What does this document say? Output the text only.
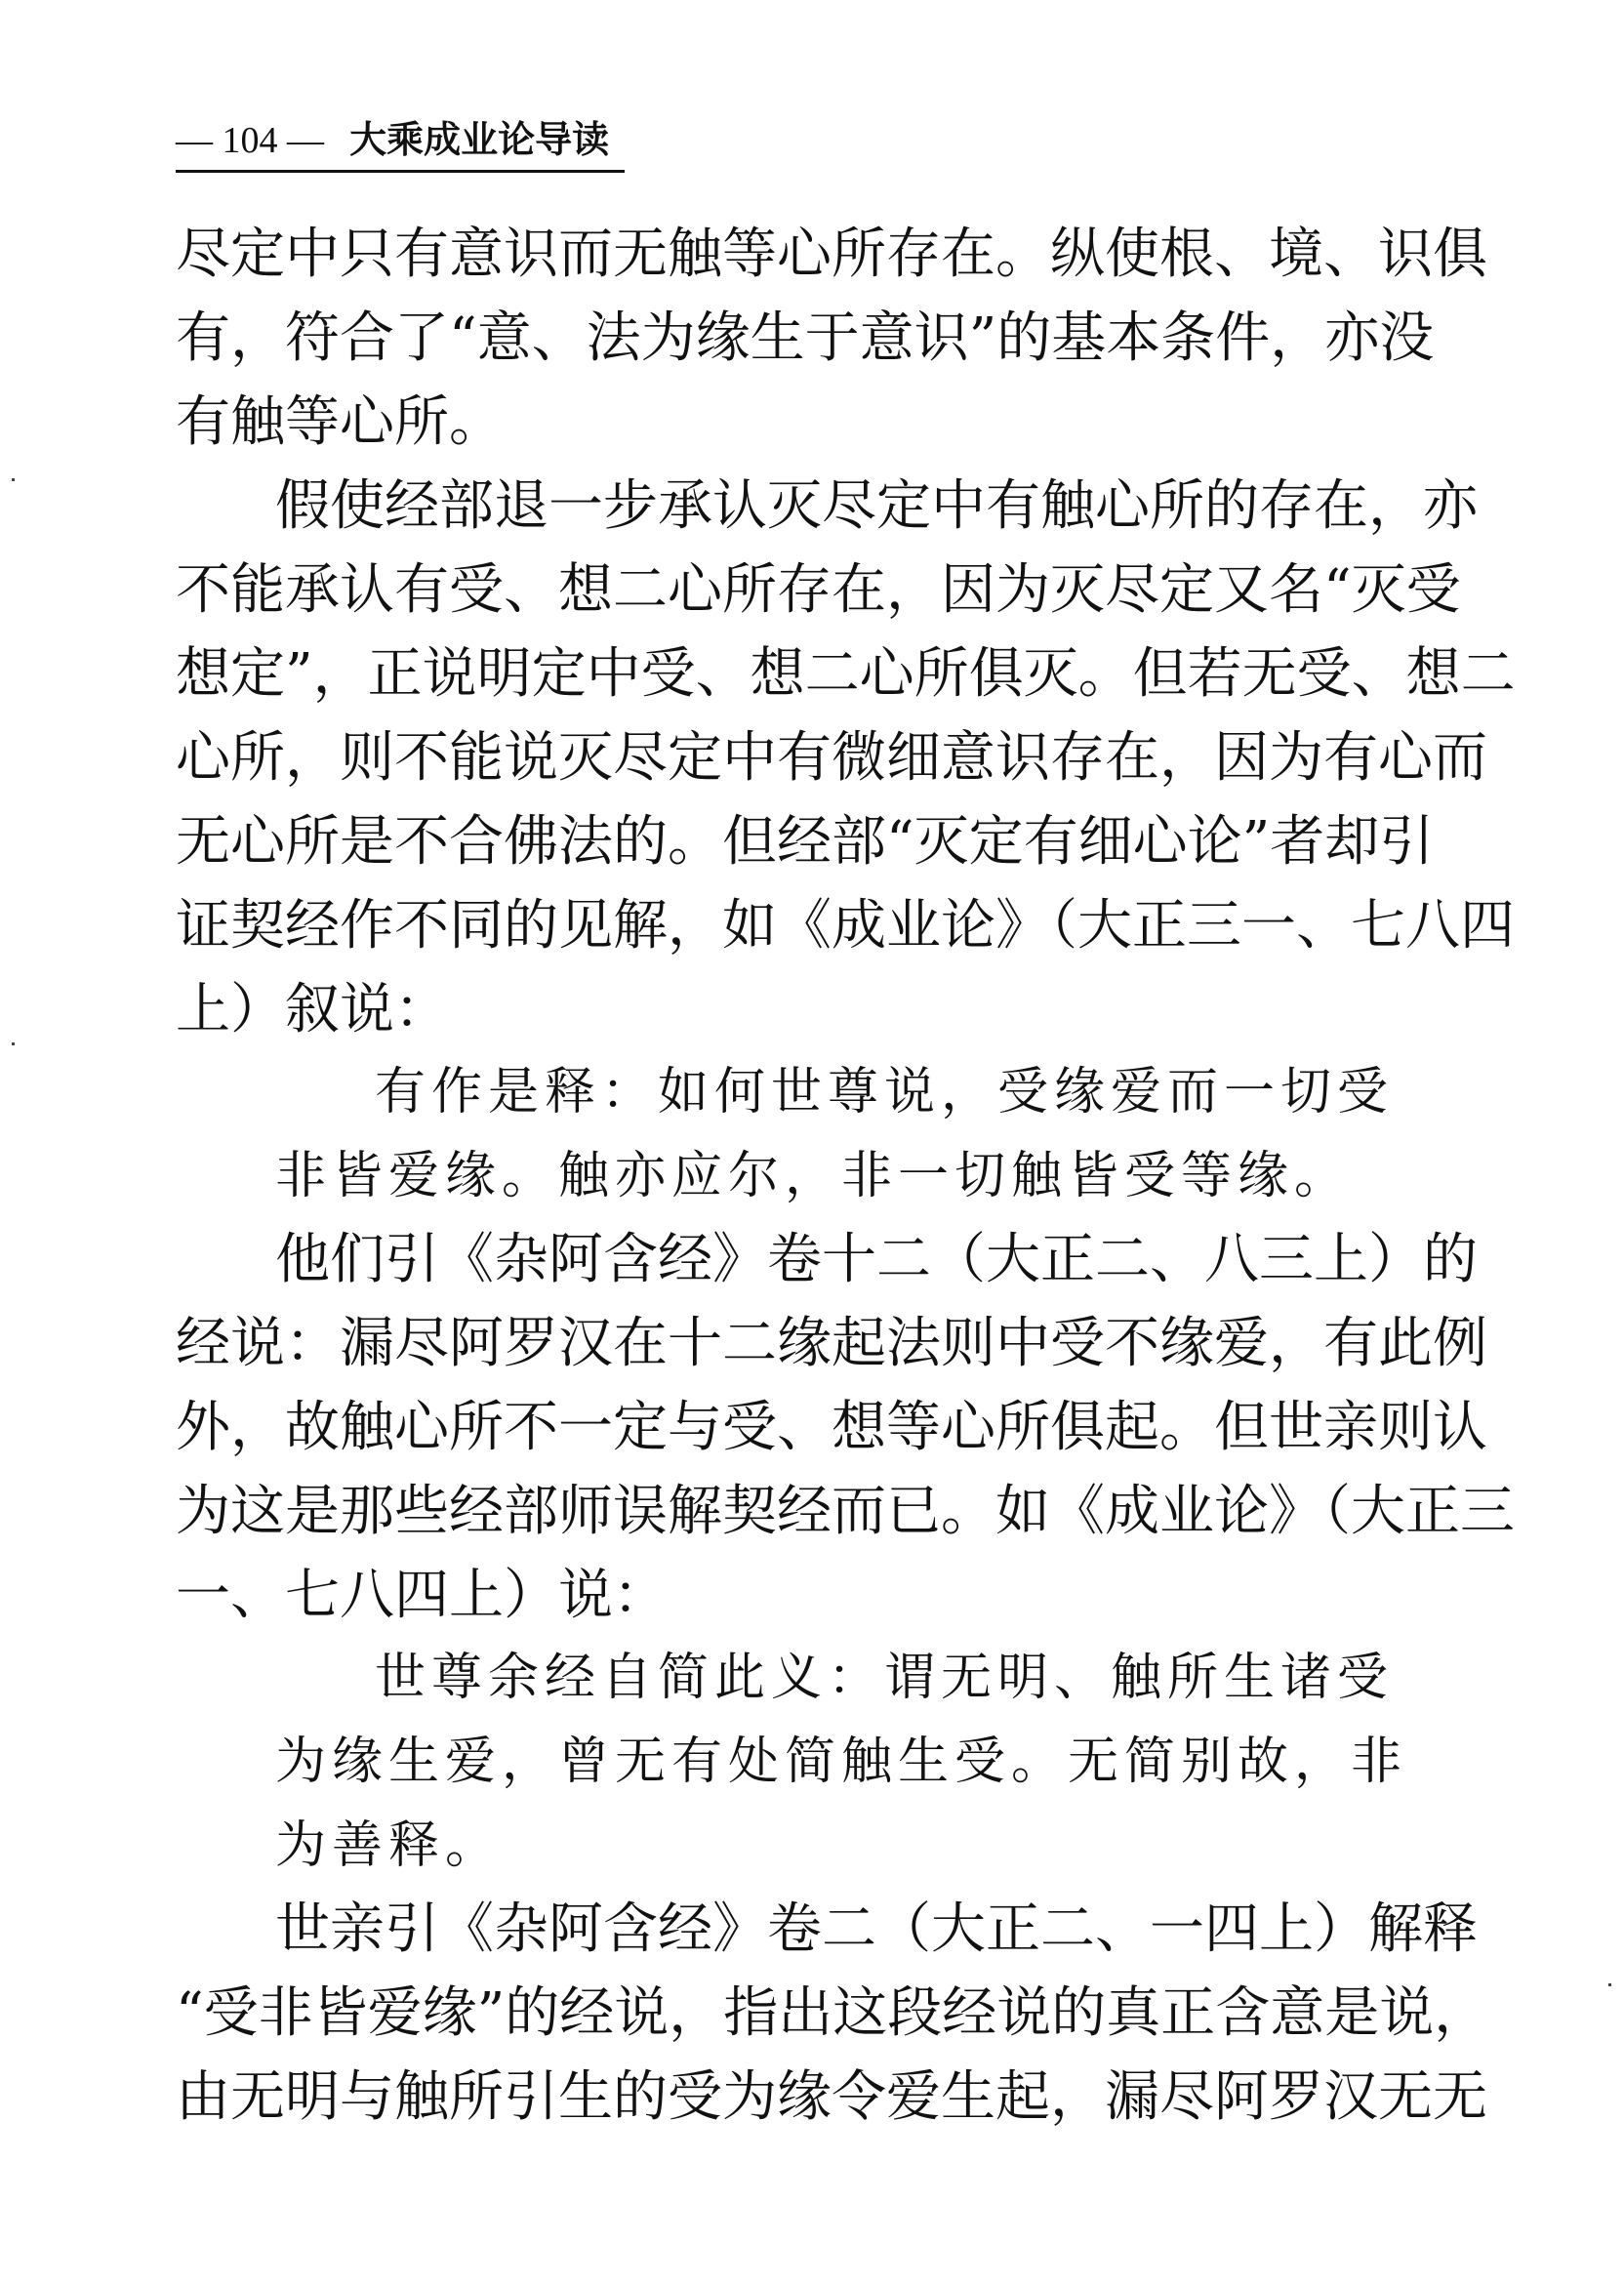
— 104 — 大乘成业论导读
尽定中只有意识而无触等心所存在。纵使根、境、识俱
有，符合了“意、法为缘生于意识”的基本条件，亦没
有触等心所。
假使经部退一步承认灭尽定中有触心所的存在，亦
不能承认有受、想二心所存在，因为灭尽定又名“灭受
想定”，正说明定中受、想二心所俱灭。但若无受、想二
心所，则不能说灭尽定中有微细意识存在，因为有心而
无心所是不合佛法的。但经部“灭定有细心论”者却引
证契经作不同的见解，如《成业论》（大正三一、七八四
上）叙说：
有作是释：如何世尊说，受缘爱而一切受
非皆爱缘。触亦应尔，非一切触皆受等缘。
他们引《杂阿含经》卷十二（大正二、八三上）的
经说：漏尽阿罗汉在十二缘起法则中受不缘爱，有此例
外，故触心所不一定与受、想等心所俱起。但世亲则认
为这是那些经部师误解契经而已。如《成业论》（大正三
一、七八四上）说：
世尊余经自简此义：谓无明、触所生诸受
为缘生爱，曾无有处简触生受。无简别故，非
为善释。
世亲引《杂阿含经》卷二（大正二、一四上）解释
“受非皆爱缘”的经说，指出这段经说的真正含意是说，
由无明与触所引生的受为缘令爱生起，漏尽阿罗汉无无
